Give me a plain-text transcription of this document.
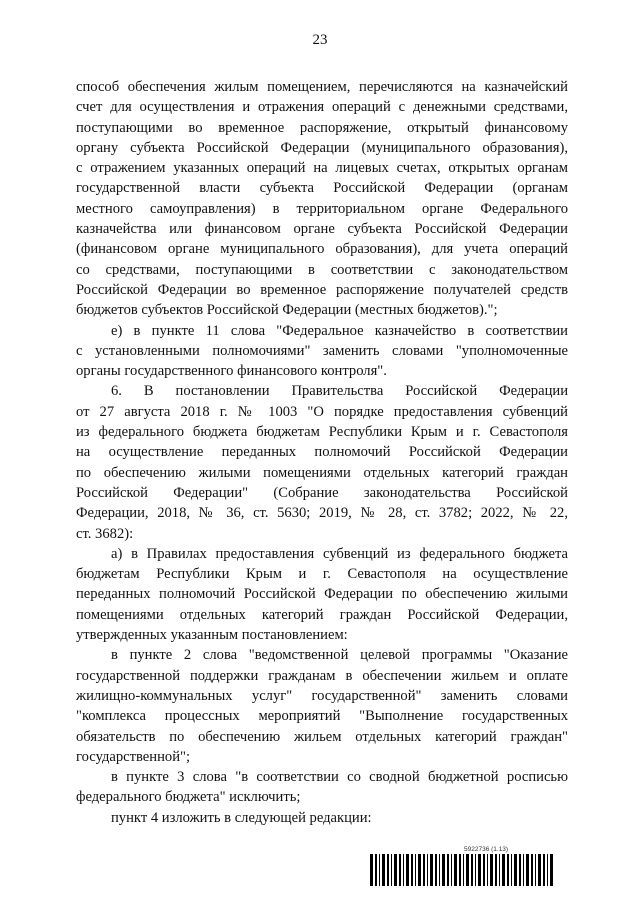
23
способ обеспечения жилым помещением, перечисляются на казначейский
счет для осуществления и отражения операций с денежными средствами,
поступающими во временное распоряжение, открытый финансовому
органу субъекта Российской Федерации (муниципального образования),
с отражением указанных операций на лицевых счетах, открытых органам
государственной власти субъекта Российской Федерации (органам
местного самоуправления) в территориальном органе Федерального
казначейства или финансовом органе субъекта Российской Федерации
(финансовом органе муниципального образования), для учета операций
со средствами, поступающими в соответствии с законодательством
Российской Федерации во временное распоряжение получателей средств
бюджетов субъектов Российской Федерации (местных бюджетов).";
е) в пункте 11 слова "Федеральное казначейство в соответствии
с установленными полномочиями" заменить словами "уполномоченные
органы государственного финансового контроля".
6. В постановлении Правительства Российской Федерации
от 27 августа 2018 г. № 1003 "О порядке предоставления субвенций
из федерального бюджета бюджетам Республики Крым и г. Севастополя
на осуществление переданных полномочий Российской Федерации
по обеспечению жилыми помещениями отдельных категорий граждан
Российской Федерации" (Собрание законодательства Российской
Федерации, 2018, № 36, ст. 5630; 2019, № 28, ст. 3782; 2022, № 22,
ст. 3682):
а) в Правилах предоставления субвенций из федерального бюджета
бюджетам Республики Крым и г. Севастополя на осуществление
переданных полномочий Российской Федерации по обеспечению жилыми
помещениями отдельных категорий граждан Российской Федерации,
утвержденных указанным постановлением:
в пункте 2 слова "ведомственной целевой программы "Оказание
государственной поддержки гражданам в обеспечении жильем и оплате
жилищно-коммунальных услуг" государственной" заменить словами
"комплекса процессных мероприятий "Выполнение государственных
обязательств по обеспечению жильем отдельных категорий граждан"
государственной";
в пункте 3 слова "в соответствии со сводной бюджетной росписью
федерального бюджета" исключить;
пункт 4 изложить в следующей редакции:
5922736 (1.13)
